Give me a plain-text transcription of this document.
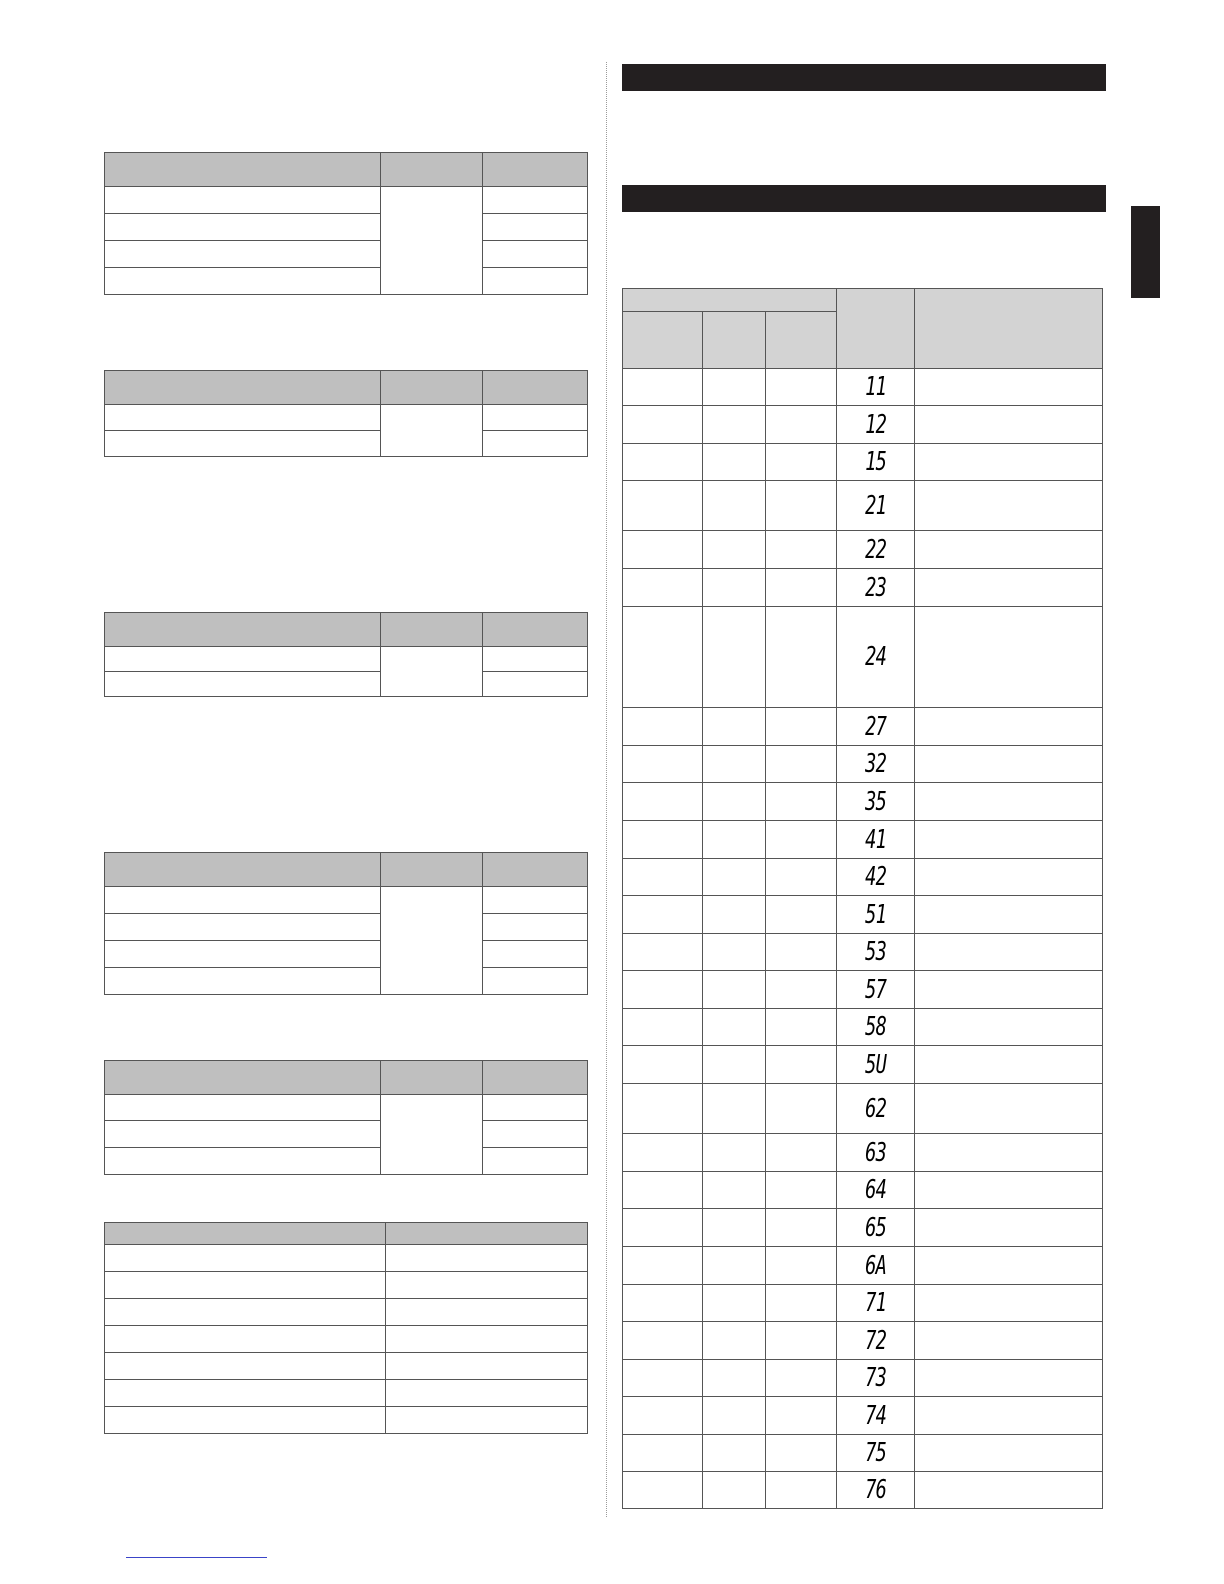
			11	
			12	
			15	
			21	
			22	
			23	
			24	
			27	
			32	
			35	
			41	
			42	
			51	
			53	
			57	
			58	
			5U	
			62	
			63	
			64	
			65	
			6A	
			71	
			72	
			73	
			74	
			75	
			76	
